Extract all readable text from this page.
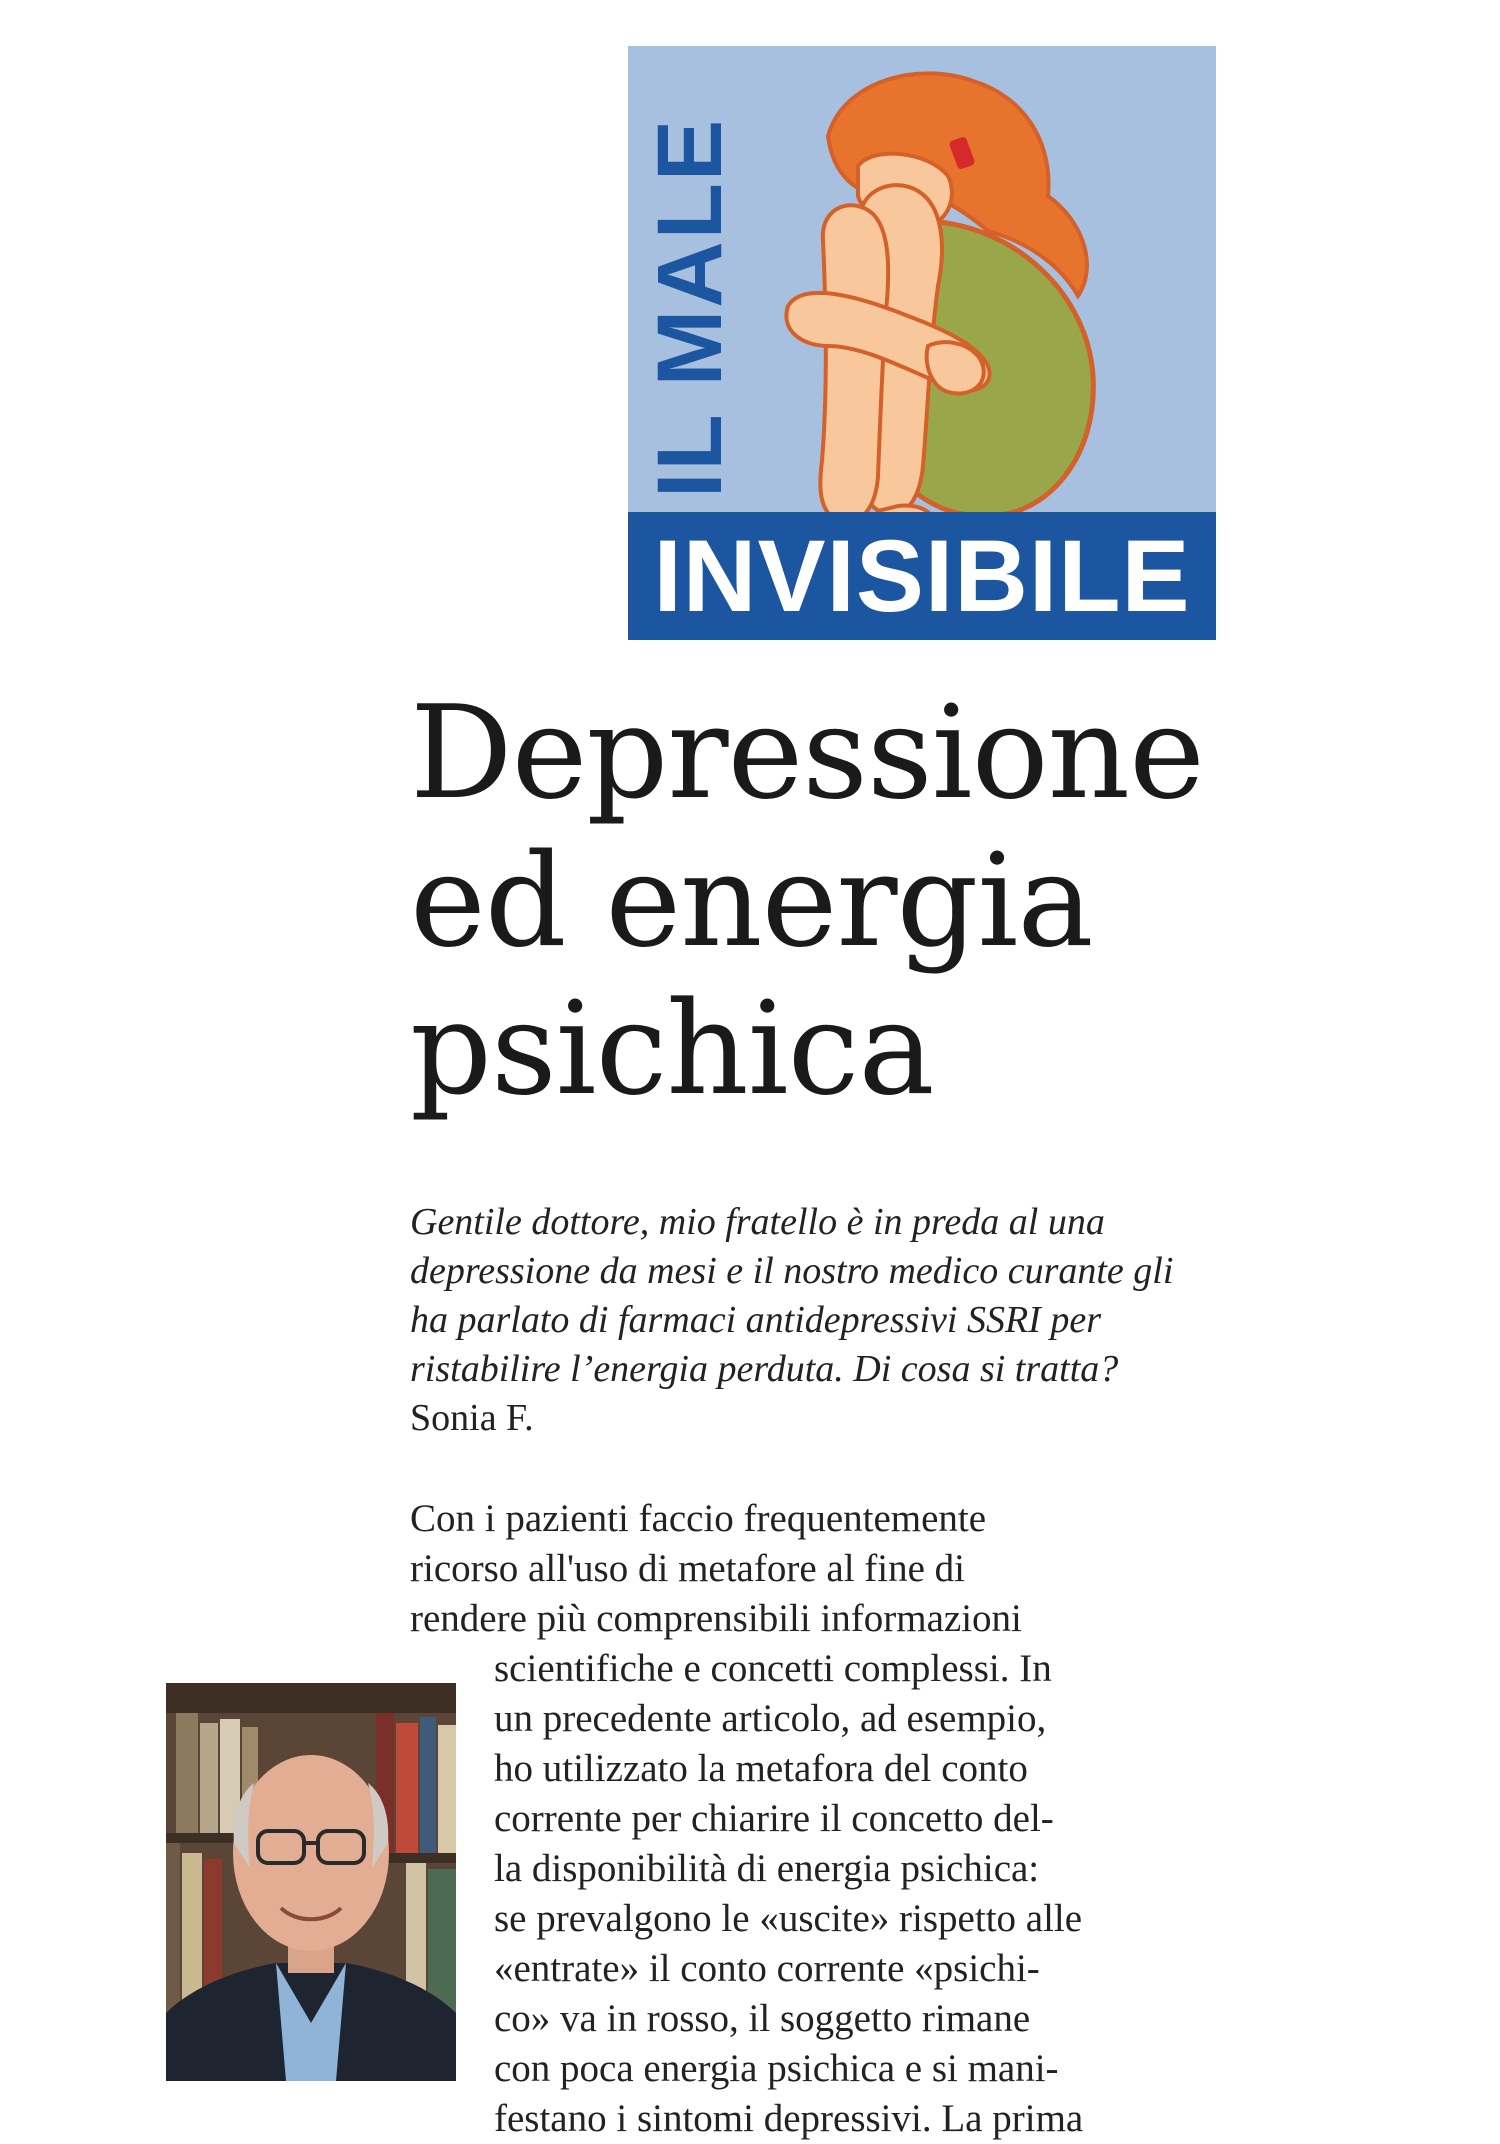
IL MALE
INVISIBILE
Depressione
ed energia
psichica
Gentile dottore, mio fratello è in preda al una depressione da mesi e il nostro medico curante gli ha parlato di farmaci antidepressivi SSRI per ristabilire l’energia perduta. Di cosa si tratta? Sonia F.
Con i pazienti faccio frequentemente
ricorso all'uso di metafore al fine di
rendere più comprensibili informazioni
scientifiche e concetti complessi. In
un precedente articolo, ad esempio,
ho utilizzato la metafora del conto
corrente per chiarire il concetto del-
la disponibilità di energia psichica:
se prevalgono le «uscite» rispetto alle
«entrate» il conto corrente «psichi-
co» va in rosso, il soggetto rimane
con poca energia psichica e si mani-
festano i sintomi depressivi. La prima
